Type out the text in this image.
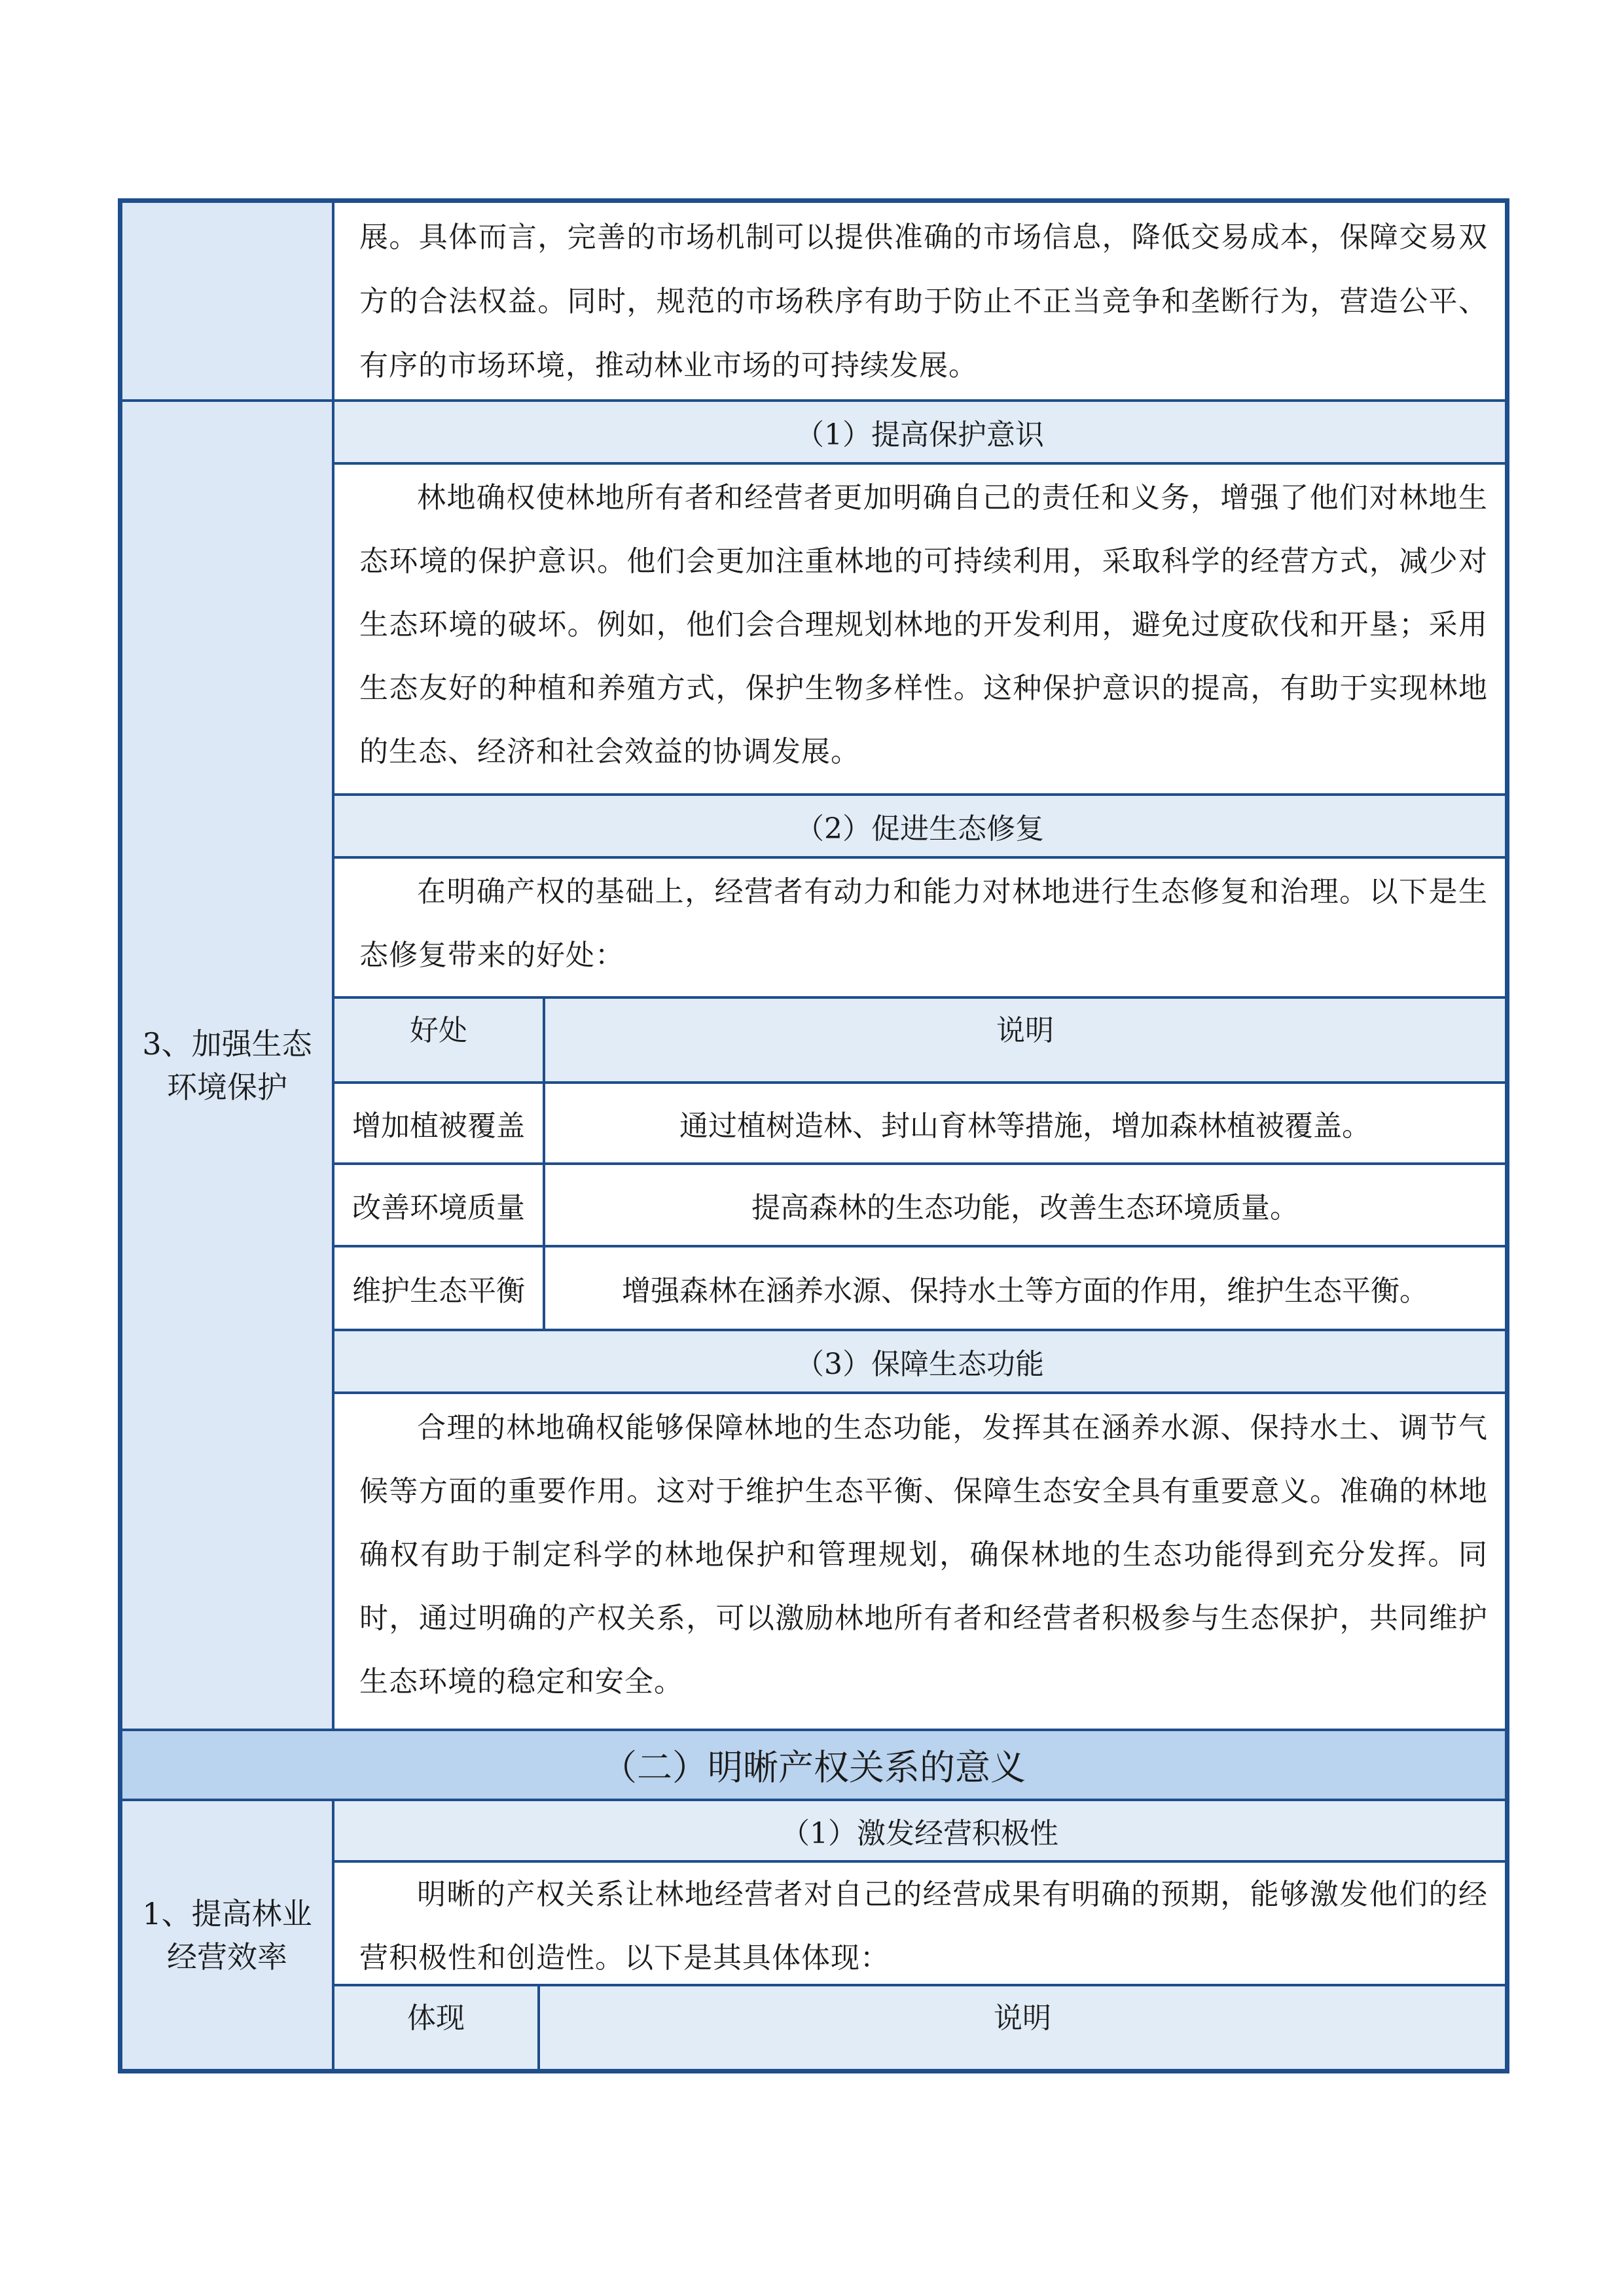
展。具体而言，完善的市场机制可以提供准确的市场信息，降低交易成本，保障交易双方的合法权益。同时，规范的市场秩序有助于防止不正当竞争和垄断行为，营造公平、有序的市场环境，推动林业市场的可持续发展。
3、加强生态环境保护
（1）提高保护意识
林地确权使林地所有者和经营者更加明确自己的责任和义务，增强了他们对林地生态环境的保护意识。他们会更加注重林地的可持续利用，采取科学的经营方式，减少对生态环境的破坏。例如，他们会合理规划林地的开发利用，避免过度砍伐和开垦；采用生态友好的种植和养殖方式，保护生物多样性。这种保护意识的提高，有助于实现林地的生态、经济和社会效益的协调发展。
（2）促进生态修复
在明确产权的基础上，经营者有动力和能力对林地进行生态修复和治理。以下是生态修复带来的好处：
好处	说明
增加植被覆盖	通过植树造林、封山育林等措施，增加森林植被覆盖。
改善环境质量	提高森林的生态功能，改善生态环境质量。
维护生态平衡	增强森林在涵养水源、保持水土等方面的作用，维护生态平衡。
（3）保障生态功能
合理的林地确权能够保障林地的生态功能，发挥其在涵养水源、保持水土、调节气候等方面的重要作用。这对于维护生态平衡、保障生态安全具有重要意义。准确的林地确权有助于制定科学的林地保护和管理规划，确保林地的生态功能得到充分发挥。同时，通过明确的产权关系，可以激励林地所有者和经营者积极参与生态保护，共同维护生态环境的稳定和安全。
（二）明晰产权关系的意义
1、提高林业经营效率
（1）激发经营积极性
明晰的产权关系让林地经营者对自己的经营成果有明确的预期，能够激发他们的经营积极性和创造性。以下是其具体体现：
体现	说明
